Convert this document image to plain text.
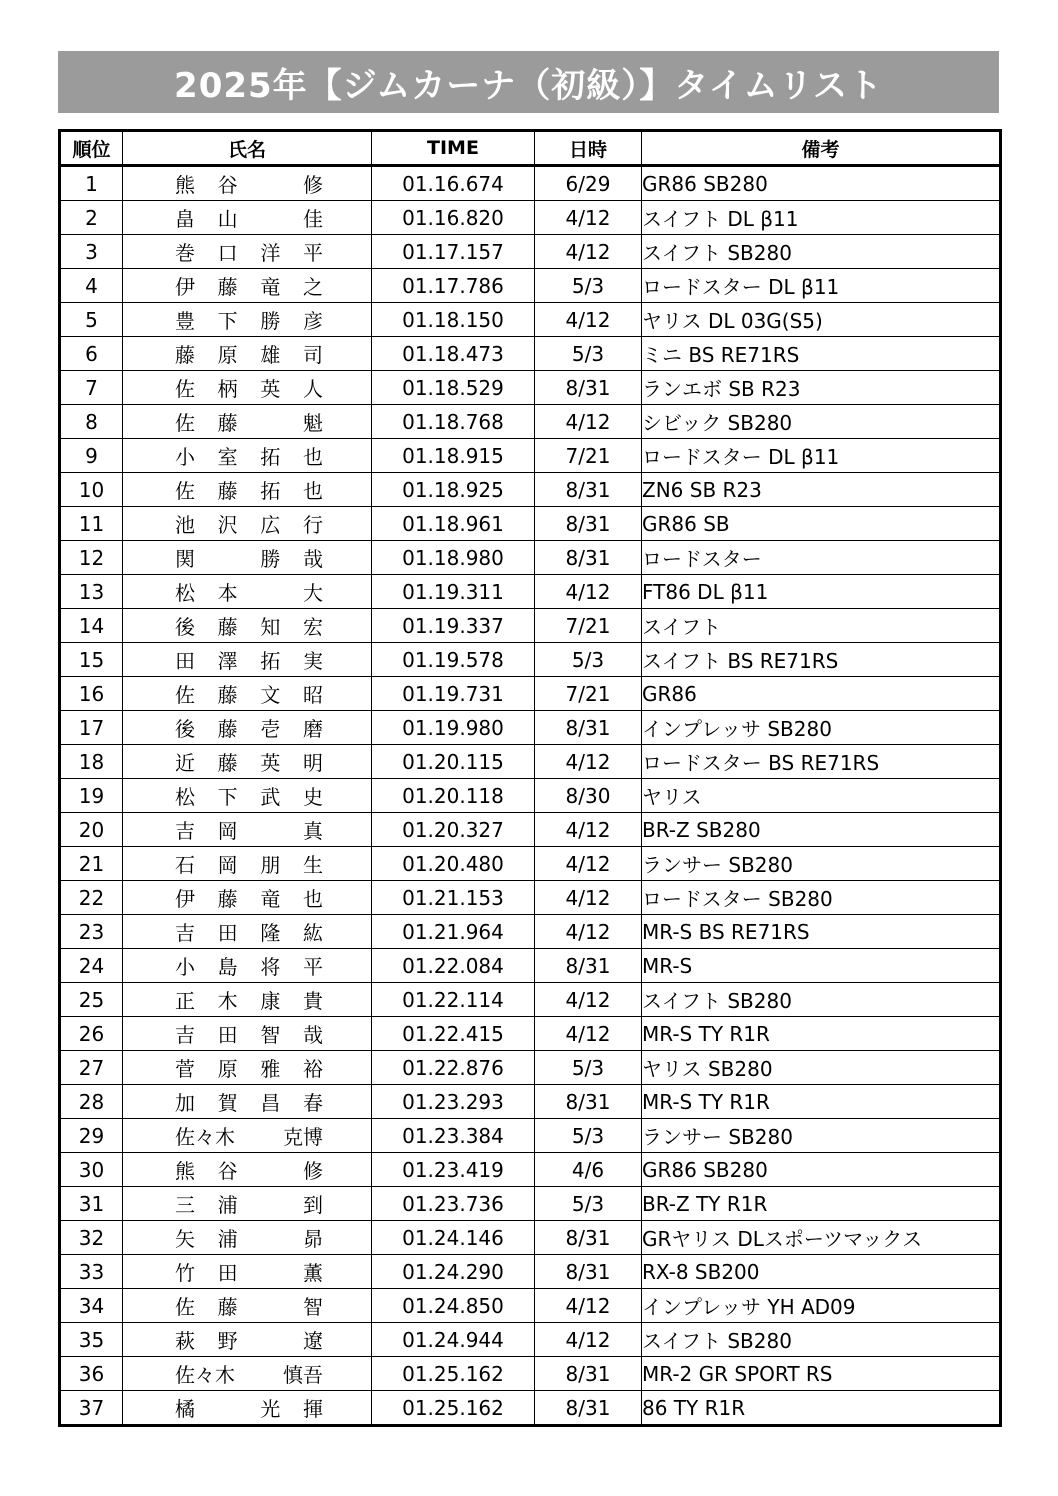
2025年【ジムカーナ（初級）】タイムリスト
順位	氏名	TIME	日時	備考
1	熊 谷 修	01.16.674	6/29	GR86 SB280
2	畠 山 佳	01.16.820	4/12	スイフト DL β11
3	巻 口 洋 平	01.17.157	4/12	スイフト SB280
4	伊 藤 竜 之	01.17.786	5/3	ロードスター DL β11
5	豊 下 勝 彦	01.18.150	4/12	ヤリス DL 03G(S5)
6	藤 原 雄 司	01.18.473	5/3	ミニ BS RE71RS
7	佐 柄 英 人	01.18.529	8/31	ランエボ SB R23
8	佐 藤 魁	01.18.768	4/12	シビック SB280
9	小 室 拓 也	01.18.915	7/21	ロードスター DL β11
10	佐 藤 拓 也	01.18.925	8/31	ZN6 SB R23
11	池 沢 広 行	01.18.961	8/31	GR86 SB
12	関 勝 哉	01.18.980	8/31	ロードスター
13	松 本 大	01.19.311	4/12	FT86 DL β11
14	後 藤 知 宏	01.19.337	7/21	スイフト
15	田 澤 拓 実	01.19.578	5/3	スイフト BS RE71RS
16	佐 藤 文 昭	01.19.731	7/21	GR86
17	後 藤 壱 磨	01.19.980	8/31	インプレッサ SB280
18	近 藤 英 明	01.20.115	4/12	ロードスター BS RE71RS
19	松 下 武 史	01.20.118	8/30	ヤリス
20	吉 岡 真	01.20.327	4/12	BR-Z SB280
21	石 岡 朋 生	01.20.480	4/12	ランサー SB280
22	伊 藤 竜 也	01.21.153	4/12	ロードスター SB280
23	吉 田 隆 紘	01.21.964	4/12	MR-S BS RE71RS
24	小 島 将 平	01.22.084	8/31	MR-S
25	正 木 康 貴	01.22.114	4/12	スイフト SB280
26	吉 田 智 哉	01.22.415	4/12	MR-S TY R1R
27	菅 原 雅 裕	01.22.876	5/3	ヤリス SB280
28	加 賀 昌 春	01.23.293	8/31	MR-S TY R1R
29	佐々木 克博	01.23.384	5/3	ランサー SB280
30	熊 谷 修	01.23.419	4/6	GR86 SB280
31	三 浦 到	01.23.736	5/3	BR-Z TY R1R
32	矢 浦 昴	01.24.146	8/31	GRヤリス DLスポーツマックス
33	竹 田 薫	01.24.290	8/31	RX-8 SB200
34	佐 藤 智	01.24.850	4/12	インプレッサ YH AD09
35	萩 野 遼	01.24.944	4/12	スイフト SB280
36	佐々木 慎吾	01.25.162	8/31	MR-2 GR SPORT RS
37	橘 光 揮	01.25.162	8/31	86 TY R1R
